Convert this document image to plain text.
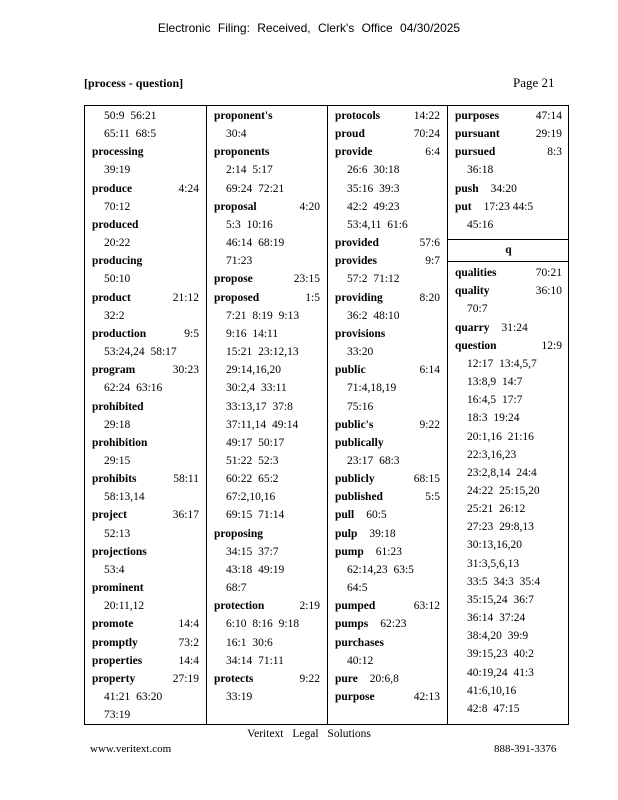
Electronic Filing: Received, Clerk's Office 04/30/2025
[process - question]	Page 21
50:9 56:21
65:11 68:5
processing
39:19
produce	4:24
70:12
produced
20:22
producing
50:10
product	21:12
32:2
production	9:5
53:24,24 58:17
program	30:23
62:24 63:16
prohibited
29:18
prohibition
29:15
prohibits	58:11
58:13,14
project	36:17
52:13
projections
53:4
prominent
20:11,12
promote	14:4
promptly	73:2
properties	14:4
property	27:19
41:21 63:20
73:19
proponent's
30:4
proponents
2:14 5:17
69:24 72:21
proposal	4:20
5:3 10:16
46:14 68:19
71:23
propose	23:15
proposed	1:5
7:21 8:19 9:13
9:16 14:11
15:21 23:12,13
29:14,16,20
30:2,4 33:11
33:13,17 37:8
37:11,14 49:14
49:17 50:17
51:22 52:3
60:22 65:2
67:2,10,16
69:15 71:14
proposing
34:15 37:7
43:18 49:19
68:7
protection	2:19
6:10 8:16 9:18
16:1 30:6
34:14 71:11
protects	9:22
33:19
protocols	14:22
proud	70:24
provide	6:4
26:6 30:18
35:16 39:3
42:2 49:23
53:4,11 61:6
provided	57:6
provides	9:7
57:2 71:12
providing	8:20
36:2 48:10
provisions
33:20
public	6:14
71:4,18,19
75:16
public's	9:22
publically
23:17 68:3
publicly	68:15
published	5:5
pull 60:5
pulp 39:18
pump 61:23
62:14,23 63:5
64:5
pumped	63:12
pumps 62:23
purchases
40:12
pure 20:6,8
purpose	42:13
purposes	47:14
pursuant	29:19
pursued	8:3
36:18
push 34:20
put 17:23 44:5
45:16
q
qualities	70:21
quality	36:10
70:7
quarry 31:24
question	12:9
12:17 13:4,5,7
13:8,9 14:7
16:4,5 17:7
18:3 19:24
20:1,16 21:16
22:3,16,23
23:2,8,14 24:4
24:22 25:15,20
25:21 26:12
27:23 29:8,13
30:13,16,20
31:3,5,6,13
33:5 34:3 35:4
35:15,24 36:7
36:14 37:24
38:4,20 39:9
39:15,23 40:2
40:19,24 41:3
41:6,10,16
42:8 47:15
Veritext Legal Solutions
www.veritext.com	888-391-3376
